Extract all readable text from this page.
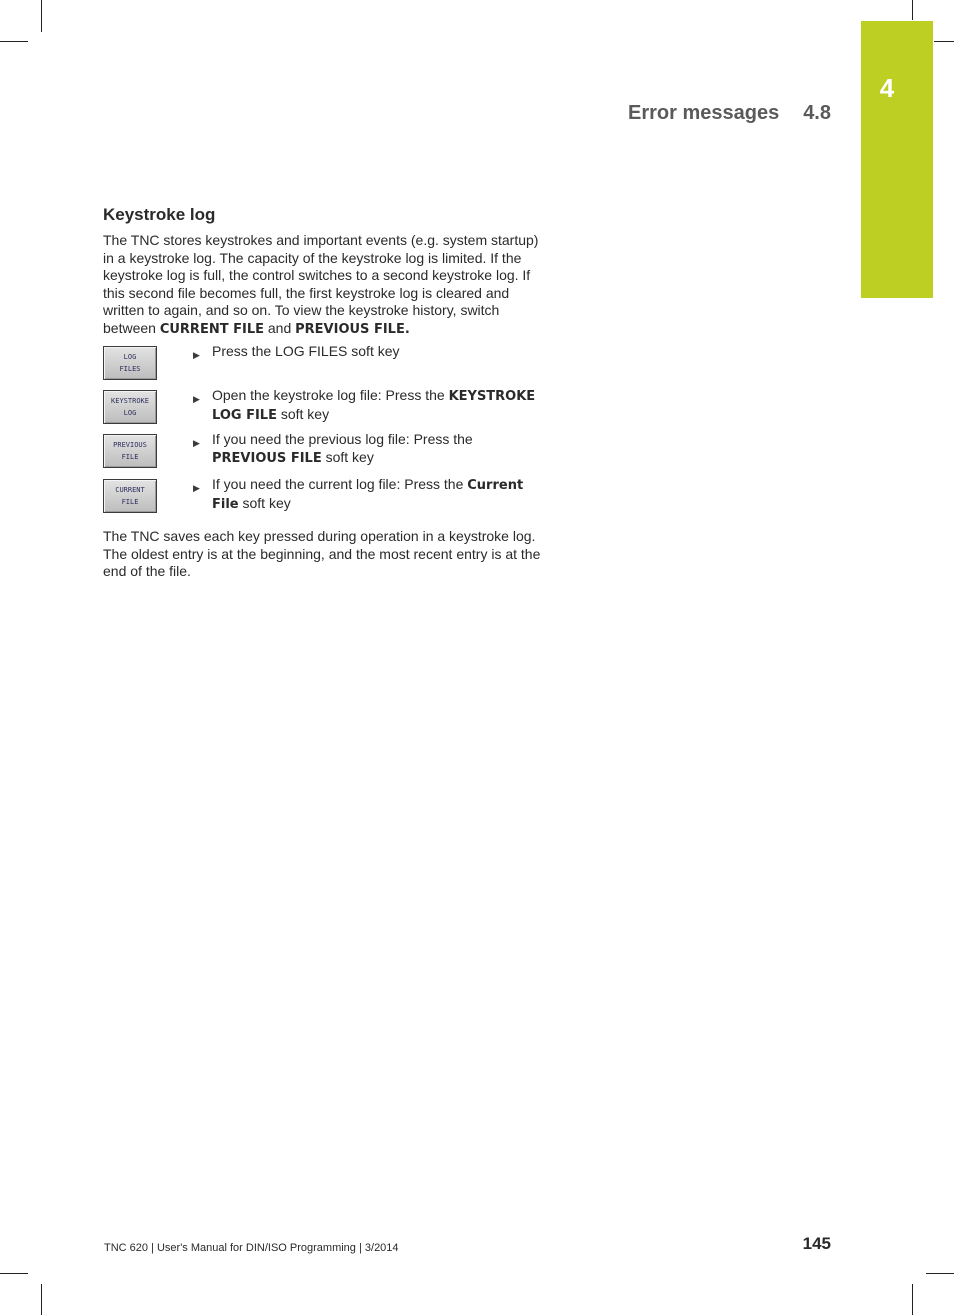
4
Error messages 4.8
Keystroke log
The TNC stores keystrokes and important events (e.g. system startup) in a keystroke log. The capacity of the keystroke log is limited. If the keystroke log is full, the control switches to a second keystroke log. If this second file becomes full, the first keystroke log is cleared and written to again, and so on. To view the keystroke history, switch between CURRENT FILE and PREVIOUS FILE.
LOG
FILES
▶ Press the LOG FILES soft key
KEYSTROKE
LOG
▶ Open the keystroke log file: Press the KEYSTROKE LOG FILE soft key
PREVIOUS
FILE
▶ If you need the previous log file: Press the PREVIOUS FILE soft key
CURRENT
FILE
▶ If you need the current log file: Press the Current File soft key
The TNC saves each key pressed during operation in a keystroke log. The oldest entry is at the beginning, and the most recent entry is at the end of the file.
TNC 620 | User's Manual for DIN/ISO Programming | 3/2014	145
